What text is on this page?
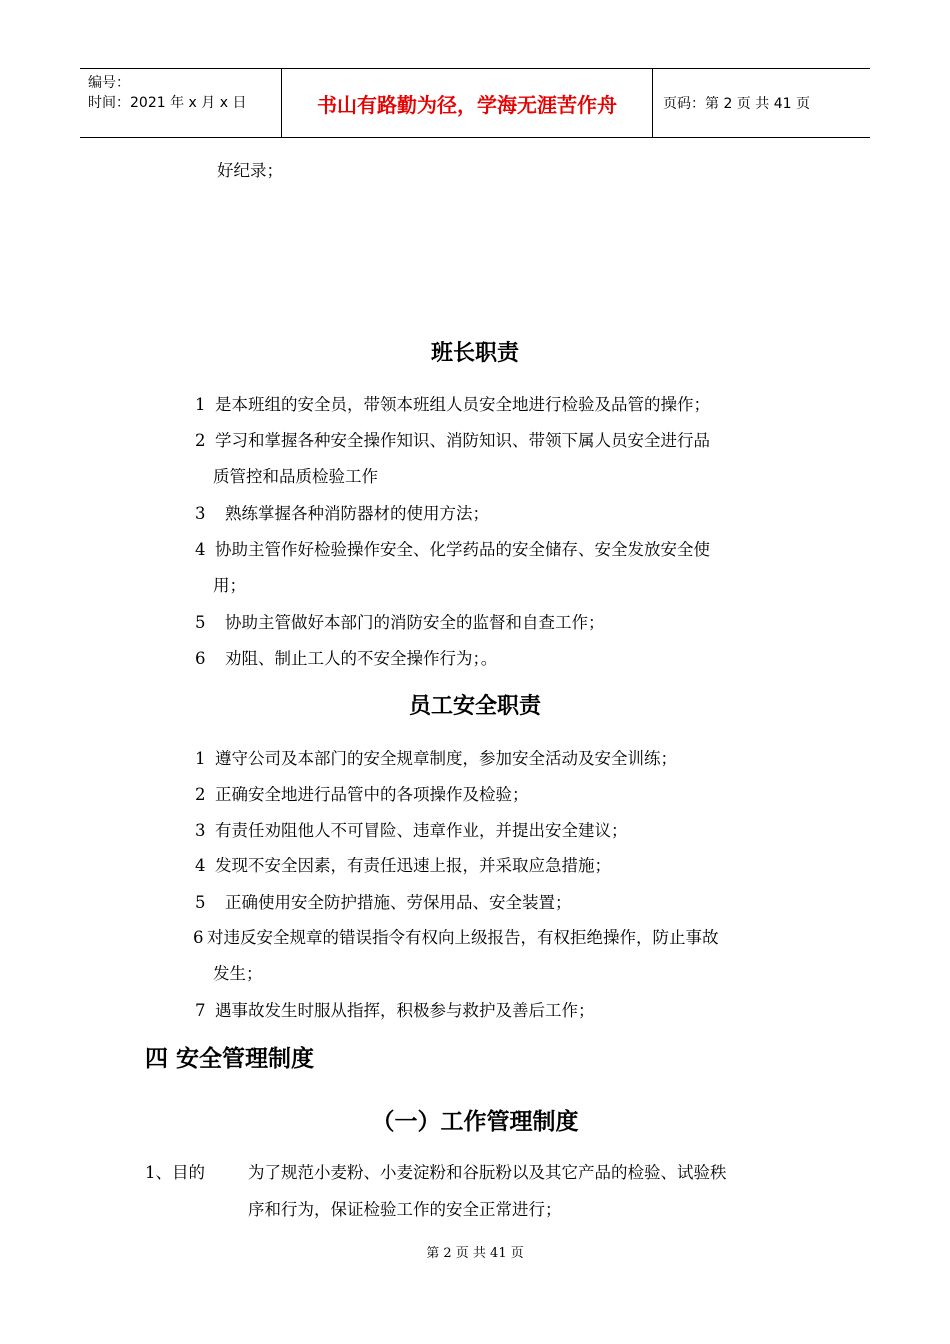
编号：
时间：2021 年 x 月 x 日	书山有路勤为径，学海无涯苦作舟	页码：第 2 页 共 41 页
好纪录；
班长职责
1 是本班组的安全员，带领本班组人员安全地进行检验及品管的操作；
2 学习和掌握各种安全操作知识、消防知识、带领下属人员安全进行品
质管控和品质检验工作
3 熟练掌握各种消防器材的使用方法；
4 协助主管作好检验操作安全、化学药品的安全储存、安全发放安全使
用；
5 协助主管做好本部门的消防安全的监督和自查工作；
6 劝阻、制止工人的不安全操作行为；。
员工安全职责
1 遵守公司及本部门的安全规章制度，参加安全活动及安全训练；
2 正确安全地进行品管中的各项操作及检验；
3 有责任劝阻他人不可冒险、违章作业，并提出安全建议；
4 发现不安全因素，有责任迅速上报，并采取应急措施；
5 正确使用安全防护措施、劳保用品、安全装置；
6 对违反安全规章的错误指令有权向上级报告，有权拒绝操作，防止事故
发生；
7 遇事故发生时服从指挥，积极参与救护及善后工作；
四 安全管理制度
（一）工作管理制度
1、目的	为了规范小麦粉、小麦淀粉和谷朊粉以及其它产品的检验、试验秩
序和行为，保证检验工作的安全正常进行；
第 2 页 共 41 页
